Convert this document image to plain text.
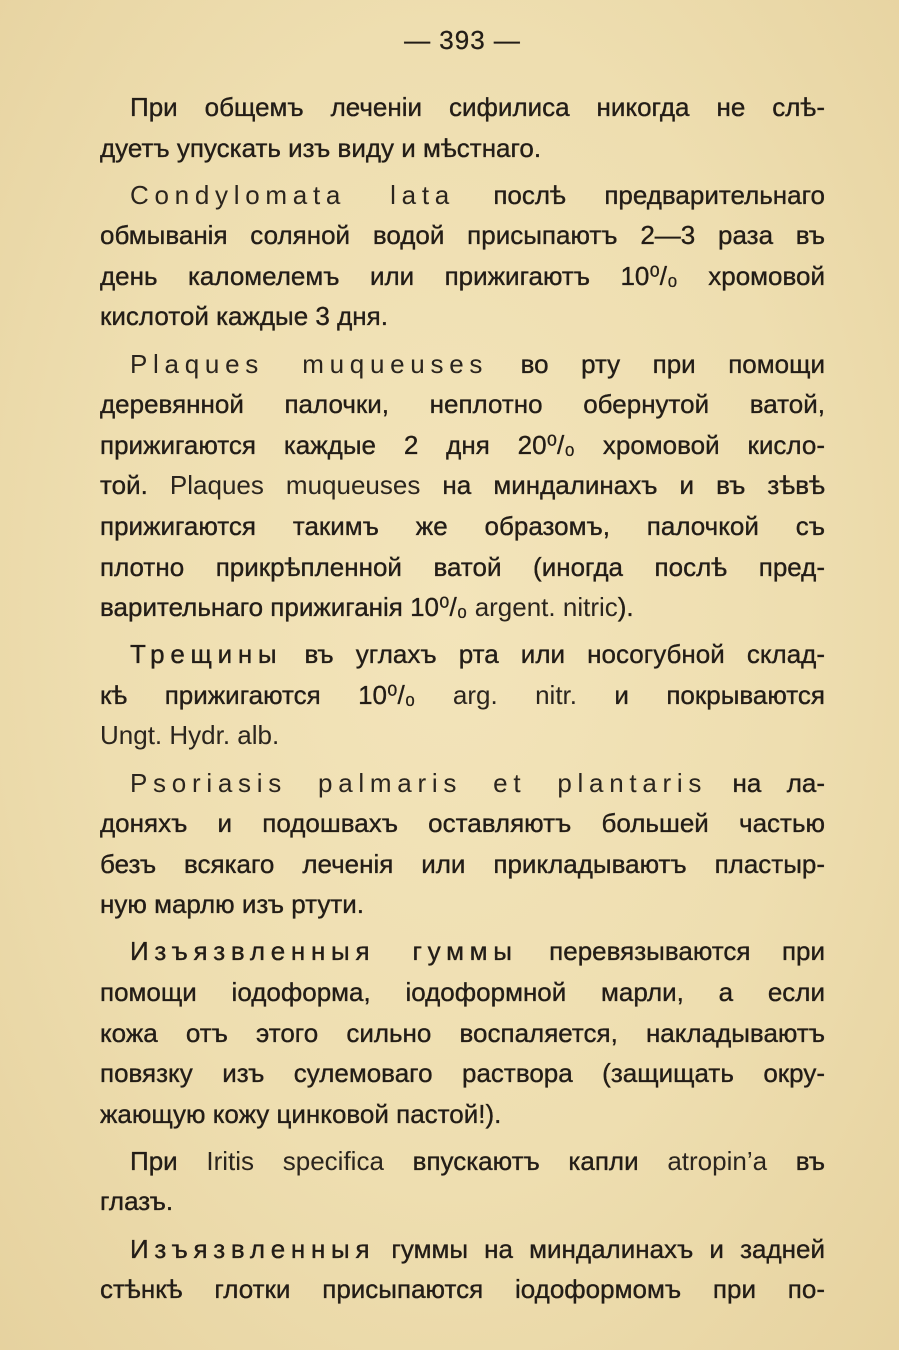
— 393 —
При общемъ леченіи сифилиса никогда не слѣ-
дуетъ упускать изъ виду и мѣстнаго.
Condylomata lata послѣ предварительнаго
обмыванія соляной водой присыпаютъ 2—3 раза въ
день каломелемъ или прижигаютъ 10⁰/₀ хромовой
кислотой каждые 3 дня.
Plaques muqueuses во рту при помощи
деревянной палочки, неплотно обернутой ватой,
прижигаются каждые 2 дня 20⁰/₀ хромовой кисло-
той. Plaques muqueuses на миндалинахъ и въ зѣвѣ
прижигаются такимъ же образомъ, палочкой съ
плотно прикрѣпленной ватой (иногда послѣ пред-
варительнаго прижиганія 10⁰/₀ argent. nitric).
Трещины въ углахъ рта или носогубной склад-
кѣ прижигаются 10⁰/₀ arg. nitr. и покрываются
Ungt. Hydr. alb.
Psoriasis palmaris et plantaris на ла-
доняхъ и подошвахъ оставляютъ большей частью
безъ всякаго леченія или прикладываютъ пластыр-
ную марлю изъ ртути.
Изъязвленныя гуммы перевязываются при
помощи іодоформа, іодоформной марли, а если
кожа отъ этого сильно воспаляется, накладываютъ
повязку изъ сулемоваго раствора (защищать окру-
жающую кожу цинковой пастой!).
При Iritis specifica впускаютъ капли atropin’a въ
глазъ.
Изъязвленныя гуммы на миндалинахъ и задней
стѣнкѣ глотки присыпаются іодоформомъ при по-
